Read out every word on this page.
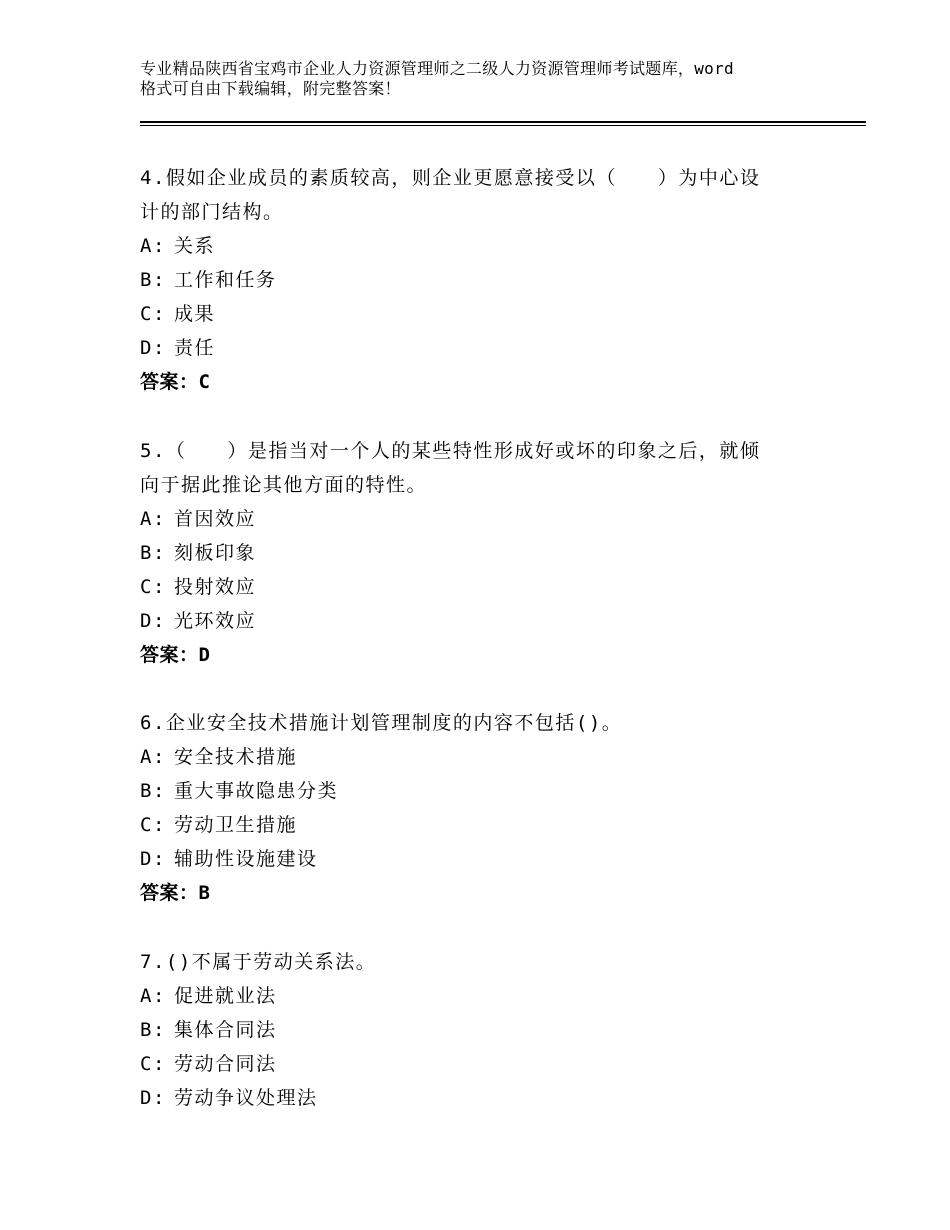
专业精品陕西省宝鸡市企业人力资源管理师之二级人力资源管理师考试题库，word
格式可自由下载编辑，附完整答案！
4.假如企业成员的素质较高，则企业更愿意接受以（　　）为中心设
计的部门结构。
A: 关系
B: 工作和任务
C: 成果
D: 责任
答案：C
5.（　　）是指当对一个人的某些特性形成好或坏的印象之后，就倾
向于据此推论其他方面的特性。
A: 首因效应
B: 刻板印象
C: 投射效应
D: 光环效应
答案：D
6.企业安全技术措施计划管理制度的内容不包括()。
A: 安全技术措施
B: 重大事故隐患分类
C: 劳动卫生措施
D: 辅助性设施建设
答案：B
7.()不属于劳动关系法。
A: 促进就业法
B: 集体合同法
C: 劳动合同法
D: 劳动争议处理法
